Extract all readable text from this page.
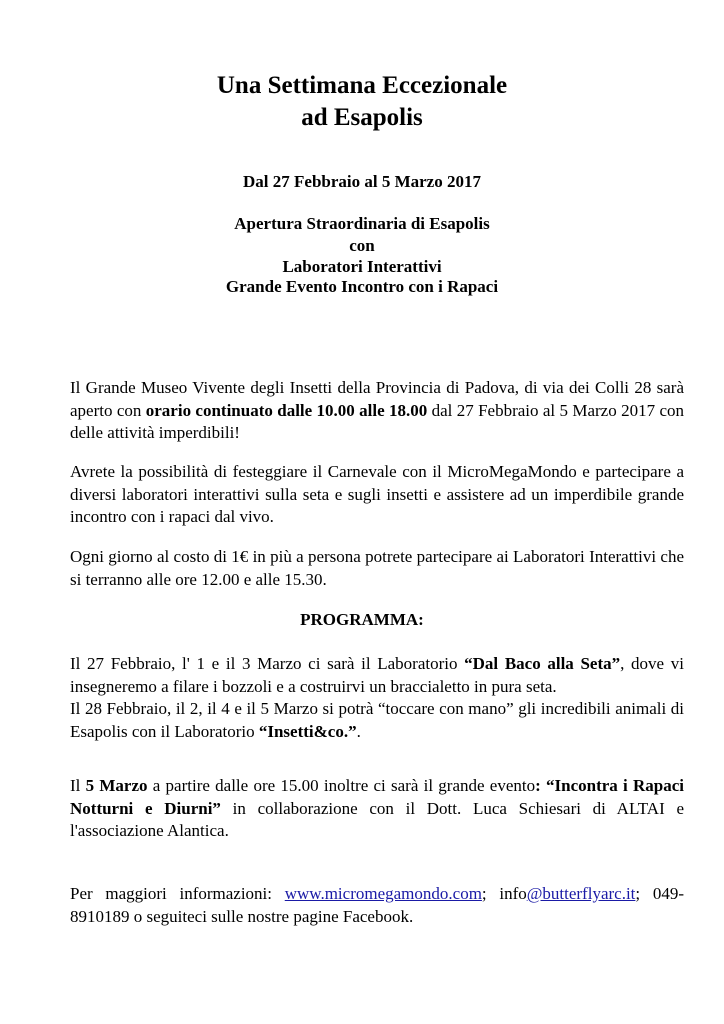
Una Settimana Eccezionale
ad Esapolis
Dal 27 Febbraio al 5 Marzo 2017
Apertura Straordinaria di Esapolis
con
Laboratori Interattivi
Grande Evento Incontro con i Rapaci
Il Grande Museo Vivente degli Insetti della Provincia di Padova, di via dei Colli 28 sarà aperto con orario continuato dalle 10.00 alle 18.00 dal 27 Febbraio al 5 Marzo 2017 con delle attività imperdibili!
Avrete la possibilità di festeggiare il Carnevale con il MicroMegaMondo e partecipare a diversi laboratori interattivi sulla seta e sugli insetti e assistere ad un imperdibile grande incontro con i rapaci dal vivo.
Ogni giorno al costo di 1€ in più a persona potrete partecipare ai Laboratori Interattivi che si terranno alle ore 12.00 e alle 15.30.
PROGRAMMA:
Il 27 Febbraio, l' 1 e il 3 Marzo ci sarà il Laboratorio “Dal Baco alla Seta”, dove vi insegneremo a filare i bozzoli e a costruirvi un braccialetto in pura seta.
Il 28 Febbraio, il 2, il 4 e il 5 Marzo si potrà “toccare con mano” gli incredibili animali di Esapolis con il Laboratorio “Insetti&co.”.
Il 5 Marzo a partire dalle ore 15.00 inoltre ci sarà il grande evento: “Incontra i Rapaci Notturni e Diurni” in collaborazione con il Dott. Luca Schiesari di ALTAI e l'associazione Alantica.
Per maggiori informazioni: www.micromegamondo.com; info@butterflyarc.it; 049-8910189 o seguiteci sulle nostre pagine Facebook.
